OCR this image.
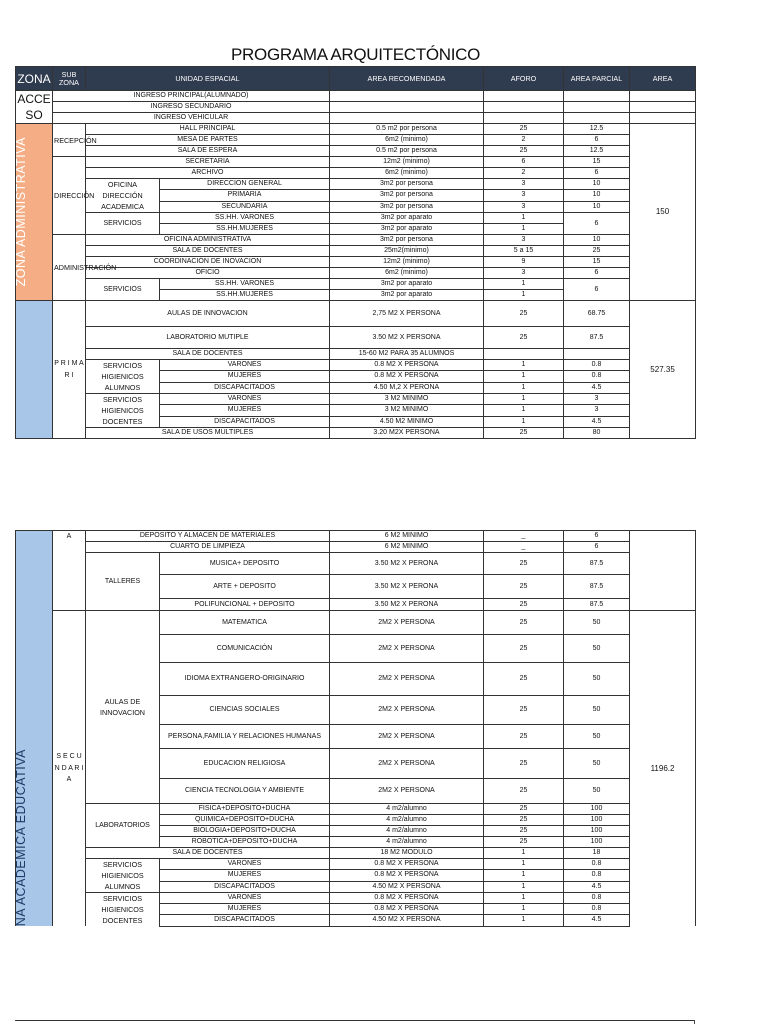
PROGRAMA ARQUITECTÓNICO							
ZONA	SUB ZONA	UNIDAD ESPACIAL		AREA RECOMENDADA	AFORO	AREA PARCIAL	AREA
ACCE SO	INGRESO PRINCIPAL(ALUMNADO)						
	INGRESO SECUNDARIO						
	INGRESO VEHICULAR						

ZONA ADMINISTRATIVA	RECEPCIÓN	HALL PRINCIPAL		0.5 m2 por persona	25	12.5	150
		MESA DE PARTES		6m2 (minimo)	2	6	
		SALA DE ESPERA		0.5 m2 por persona	25	12.5	
	DIRECCIÓN	SECRETARIA		12m2 (minimo)	6	15	
		ARCHIVO		6m2 (minimo)	2	6	
		OFICINA DIRECCIÓN ACADEMICA	DIRECCION GENERAL	3m2 por persona	3	10	
			PRIMARIA	3m2 por persona	3	10	
			SECUNDARIA	3m2 por persona	3	10	
		SERVICIOS	SS.HH. VARONES	3m2 por aparato	1	6	
			SS.HH.MUJERES	3m2 por aparato	1		
	ADMINISTRACIÓN	OFICINA ADMINISTRATIVA		3m2 por persona	3	10	
		SALA DE DOCENTES		25m2(minimo)	5 a 15	25	
		COORDINACIÓN DE INOVACION		12m2 (minimo)	9	15	
		OFICIO		6m2 (minimo)	3	6	
		SERVICIOS	SS.HH. VARONES	3m2 por aparato	1	6	
			SS.HH.MUJERES	3m2 por aparato	1		
	P R I M A R I	AULAS DE INNOVACION		2,75 M2 X PERSONA	25	68.75	527.35
		LABORATORIO MUTIPLE		3.50 M2 X PERSONA	25	87.5	
		SALA DE DOCENTES		15-60 M2 PARA 35 ALUMNOS			
		SERVICIOS HIGIENICOS ALUMNOS	VARONES	0.8 M2 X PERSONA	1	0.8	
			MUJERES	0.8 M2 X PERSONA	1	0.8	
			DISCAPACITADOS	4.50 M,2 X PERONA	1	4.5	
		SERVICIOS HIGIENICOS DOCENTES	VARONES	3 M2 MINIMO	1	3	
			MUJERES	3 M2 MINIMO	1	3	
			DISCAPACITADOS	4.50 M2 MINIMO	1	4.5	
		SALA DE USOS MULTIPLES		3.20 M2X PERSONA	25	80	
NA ACADEMICA EDUCATIVA	A	DEPOSITO Y ALMACEN DE MATERIALES		6 M2 MINIMO	_	6	
		CUARTO DE LIMPIEZA		6 M2 MINIMO	_	6	
		TALLERES	MUSICA+ DEPOSITO	3.50 M2 X PERONA	25	87.5	
			ARTE + DEPOSITO	3.50 M2 X PERONA	25	87.5	
			POLIFUNCIONAL + DEPOSITO	3.50 M2 X PERONA	25	87.5	
	S E C U N D A R I A	AULAS DE INNOVACION	MATEMATICA	2M2 X PERSONA	25	50	1196.2
			COMUNICACIÓN	2M2 X PERSONA	25	50	
			IDIOMA EXTRANGERO-ORIGINARIO	2M2 X PERSONA	25	50	
			CIENCIAS SOCIALES	2M2 X PERSONA	25	50	
			PERSONA,FAMILIA Y RELACIONES HUMANAS	2M2 X PERSONA	25	50	
			EDUCACION RELIGIOSA	2M2 X PERSONA	25	50	
			CIENCIA TECNOLOGIA Y AMBIENTE	2M2 X PERSONA	25	50	
		LABORATORIOS	FISICA+DEPOSITO+DUCHA	4 m2/alumno	25	100	
			QUIMICA+DEPOSITO+DUCHA	4 m2/alumno	25	100	
			BIOLOGIA+DEPOSITO+DUCHA	4 m2/alumno	25	100	
			ROBOTICA+DEPOSITO+DUCHA	4 m2/alumno	25	100	
		SALA DE DOCENTES		18 M2 MODULO	1	18	
		SERVICIOS HIGIENICOS ALUMNOS	VARONES	0.8 M2 X PERSONA	1	0.8	
			MUJERES	0.8 M2 X PERSONA	1	0.8	
			DISCAPACITADOS	4.50 M2 X PERSONA	1	4.5	
		SERVICIOS HIGIENICOS DOCENTES	VARONES	0.8 M2 X PERSONA	1	0.8	
			MUJERES	0.8 M2 X PERSONA	1	0.8	
			DISCAPACITADOS	4.50 M2 X PERSONA	1	4.5	
